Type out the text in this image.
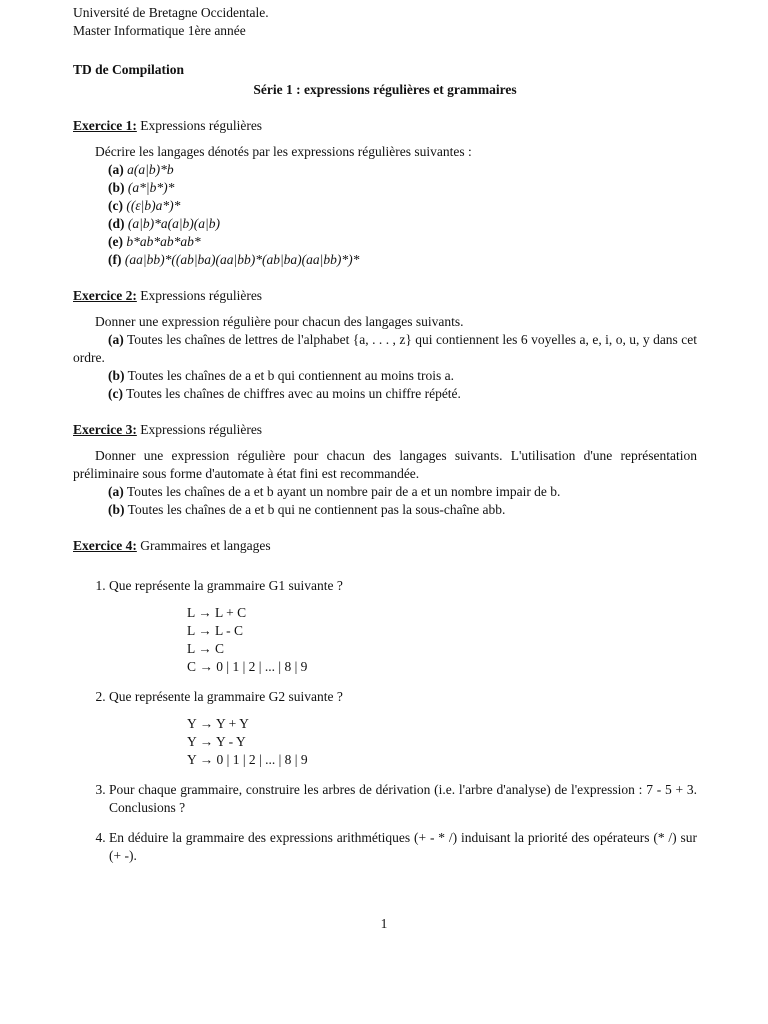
Université de Bretagne Occidentale.
Master Informatique 1ère année
TD de Compilation
Série 1 : expressions régulières et grammaires
Exercice 1: Expressions régulières
Décrire les langages dénotés par les expressions régulières suivantes :
(a) a(a|b)*b
(b) (a*|b*)*
(c) ((ε|b)a*)*
(d) (a|b)*a(a|b)(a|b)
(e) b*ab*ab*ab*
(f) (aa|bb)*((ab|ba)(aa|bb)*(ab|ba)(aa|bb)*)*
Exercice 2: Expressions régulières
Donner une expression régulière pour chacun des langages suivants.
(a) Toutes les chaînes de lettres de l'alphabet {a, . . . , z} qui contiennent les 6 voyelles a, e, i, o, u, y dans cet ordre.
(b) Toutes les chaînes de a et b qui contiennent au moins trois a.
(c) Toutes les chaînes de chiffres avec au moins un chiffre répété.
Exercice 3: Expressions régulières
Donner une expression régulière pour chacun des langages suivants. L'utilisation d'une représentation préliminaire sous forme d'automate à état fini est recommandée.
(a) Toutes les chaînes de a et b ayant un nombre pair de a et un nombre impair de b.
(b) Toutes les chaînes de a et b qui ne contiennent pas la sous-chaîne abb.
Exercice 4: Grammaires et langages
1. Que représente la grammaire G1 suivante ?
L → L + C
L → L - C
L → C
C → 0 | 1 | 2 | ... | 8 | 9
2. Que représente la grammaire G2 suivante ?
Y → Y + Y
Y → Y - Y
Y → 0 | 1 | 2 | ... | 8 | 9
3. Pour chaque grammaire, construire les arbres de dérivation (i.e. l'arbre d'analyse) de l'expression : 7 - 5 + 3. Conclusions ?
4. En déduire la grammaire des expressions arithmétiques (+ - * /) induisant la priorité des opérateurs (* /) sur (+ -).
1
